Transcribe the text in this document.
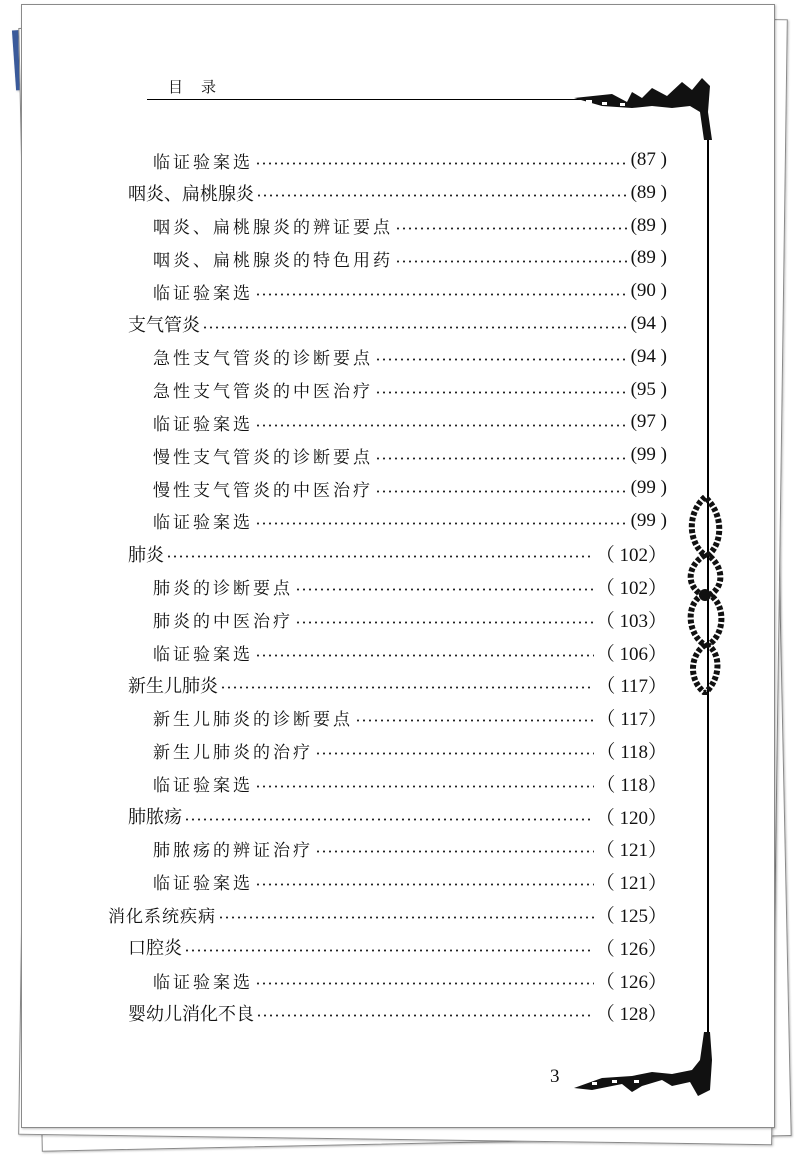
目录
临证验案选	(87 )
咽炎、扁桃腺炎	(89 )
咽炎、扁桃腺炎的辨证要点	(89 )
咽炎、扁桃腺炎的特色用药	(89 )
临证验案选	(90 )
支气管炎	(94 )
急性支气管炎的诊断要点	(94 )
急性支气管炎的中医治疗	(95 )
临证验案选	(97 )
慢性支气管炎的诊断要点	(99 )
慢性支气管炎的中医治疗	(99 )
临证验案选	(99 )
肺炎	（ 102）
肺炎的诊断要点	（ 102）
肺炎的中医治疗	（ 103）
临证验案选	（ 106）
新生儿肺炎	（ 117）
新生儿肺炎的诊断要点	（ 117）
新生儿肺炎的治疗	（ 118）
临证验案选	（ 118）
肺脓疡	（ 120）
肺脓疡的辨证治疗	（ 121）
临证验案选	（ 121）
消化系统疾病	（ 125）
口腔炎	（ 126）
临证验案选	（ 126）
婴幼儿消化不良	（ 128）
3
